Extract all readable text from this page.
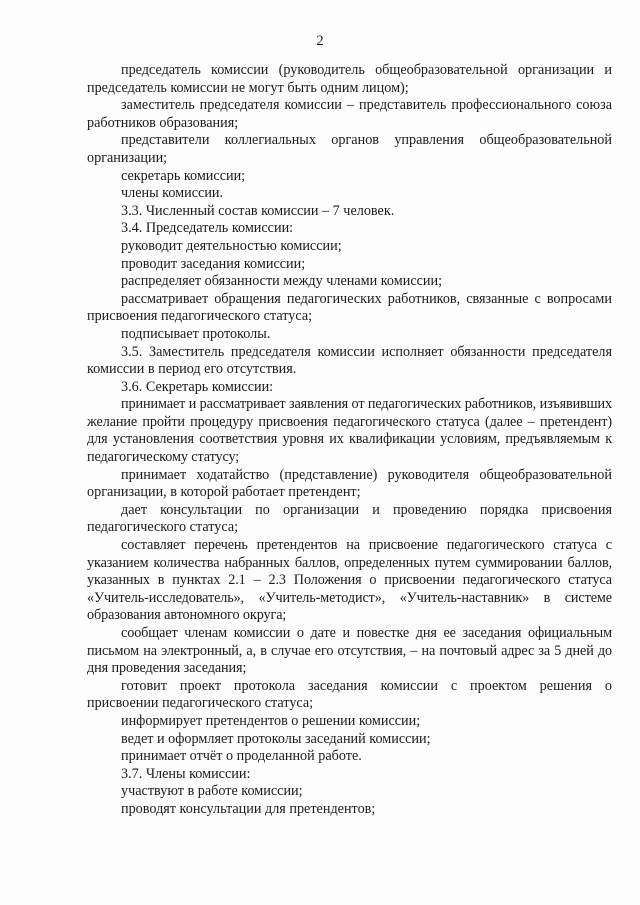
2

председатель комиссии (руководитель общеобразовательной организации и председатель комиссии не могут быть одним лицом);

заместитель председателя комиссии – представитель профессионального союза работников образования;

представители коллегиальных органов управления общеобразовательной организации;

секретарь комиссии;

члены комиссии.

3.3. Численный состав комиссии – 7 человек.

3.4. Председатель комиссии:

руководит деятельностью комиссии;

проводит заседания комиссии;

распределяет обязанности между членами комиссии;

рассматривает обращения педагогических работников, связанные с вопросами присвоения педагогического статуса;

подписывает протоколы.

3.5. Заместитель председателя комиссии исполняет обязанности председателя комиссии в период его отсутствия.

3.6. Секретарь комиссии:

принимает и рассматривает заявления от педагогических работников, изъявивших желание пройти процедуру присвоения педагогического статуса (далее – претендент) для установления соответствия уровня их квалификации условиям, предъявляемым к педагогическому статусу;

принимает ходатайство (представление) руководителя общеобразовательной организации, в которой работает претендент;

дает консультации по организации и проведению порядка присвоения педагогического статуса;

составляет перечень претендентов на присвоение педагогического статуса с указанием количества набранных баллов, определенных путем суммировании баллов, указанных в пунктах 2.1 – 2.3 Положения о присвоении педагогического статуса «Учитель-исследователь», «Учитель-методист», «Учитель-наставник» в системе образования автономного округа;

сообщает членам комиссии о дате и повестке дня ее заседания официальным письмом на электронный, а, в случае его отсутствия, – на почтовый адрес за 5 дней до дня проведения заседания;

готовит проект протокола заседания комиссии с проектом решения о присвоении педагогического статуса;

информирует претендентов о решении комиссии;

ведет и оформляет протоколы заседаний комиссии;

принимает отчёт о проделанной работе.

3.7. Члены комиссии:

участвуют в работе комиссии;

проводят консультации для претендентов;
